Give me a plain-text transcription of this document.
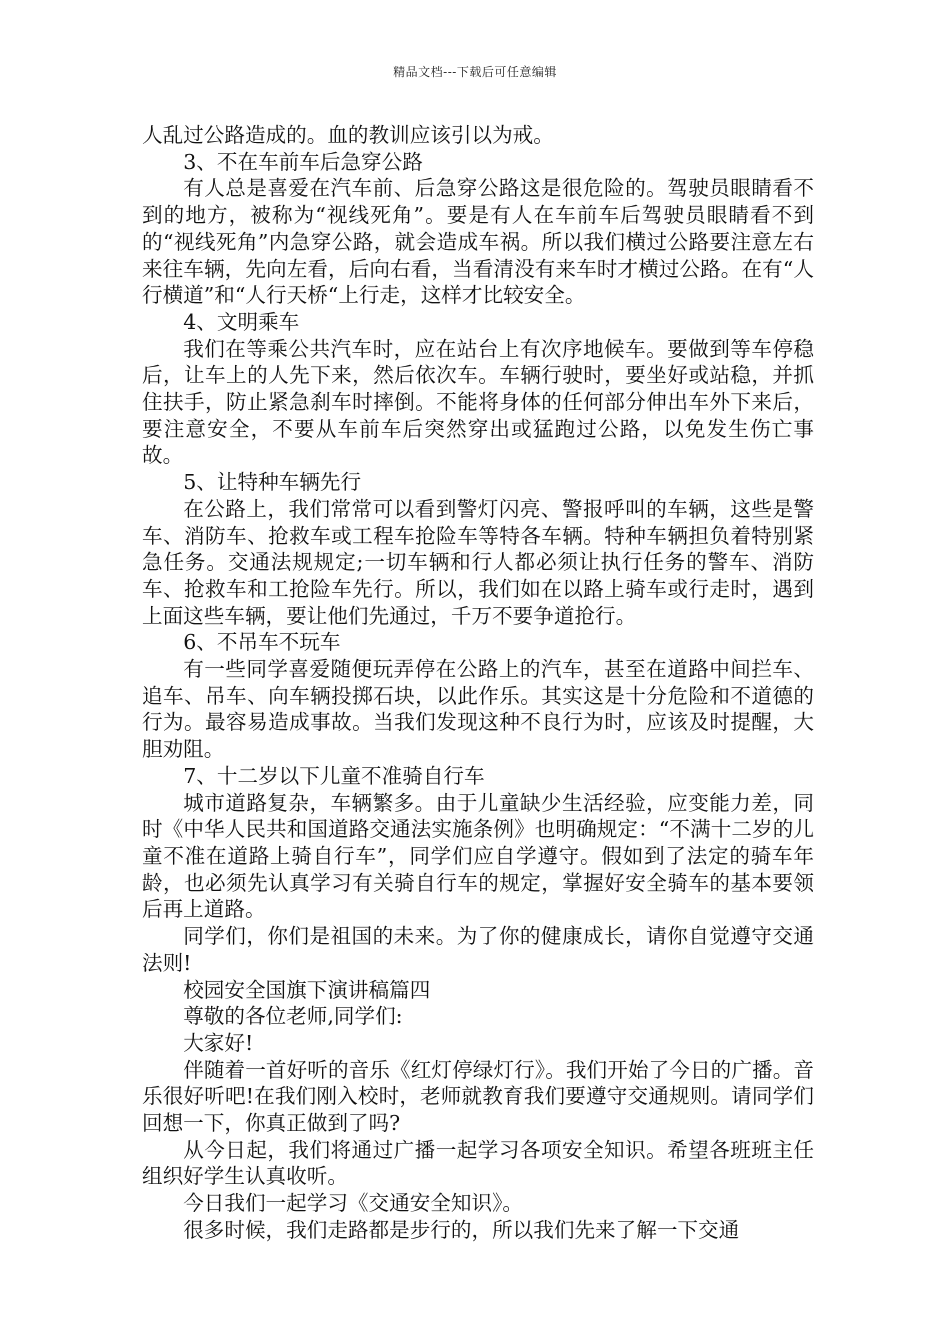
精品文档---下载后可任意编辑

人乱过公路造成的。血的教训应该引以为戒。

3、不在车前车后急穿公路

有人总是喜爱在汽车前、后急穿公路这是很危险的。驾驶员眼睛看不到的地方，被称为“视线死角”。要是有人在车前车后驾驶员眼睛看不到的“视线死角”内急穿公路，就会造成车祸。所以我们横过公路要注意左右来往车辆，先向左看，后向右看，当看清没有来车时才横过公路。在有“人行横道”和“人行天桥“上行走，这样才比较安全。

4、文明乘车

我们在等乘公共汽车时，应在站台上有次序地候车。要做到等车停稳后，让车上的人先下来，然后依次车。车辆行驶时，要坐好或站稳，并抓住扶手，防止紧急刹车时摔倒。不能将身体的任何部分伸出车外下来后，要注意安全，不要从车前车后突然穿出或猛跑过公路，以免发生伤亡事故。

5、让特种车辆先行

在公路上，我们常常可以看到警灯闪亮、警报呼叫的车辆，这些是警车、消防车、抢救车或工程车抢险车等特各车辆。特种车辆担负着特别紧急任务。交通法规规定;一切车辆和行人都必须让执行任务的警车、消防车、抢救车和工抢险车先行。所以，我们如在以路上骑车或行走时，遇到上面这些车辆，要让他们先通过，千万不要争道抢行。

6、不吊车不玩车

有一些同学喜爱随便玩弄停在公路上的汽车，甚至在道路中间拦车、追车、吊车、向车辆投掷石块，以此作乐。其实这是十分危险和不道德的行为。最容易造成事故。当我们发现这种不良行为时，应该及时提醒，大胆劝阻。

7、十二岁以下儿童不准骑自行车

城市道路复杂，车辆繁多。由于儿童缺少生活经验，应变能力差，同时《中华人民共和国道路交通法实施条例》也明确规定：“不满十二岁的儿童不准在道路上骑自行车”，同学们应自学遵守。假如到了法定的骑车年龄，也必须先认真学习有关骑自行车的规定，掌握好安全骑车的基本要领后再上道路。

同学们，你们是祖国的未来。为了你的健康成长，请你自觉遵守交通法则!

校园安全国旗下演讲稿篇四

尊敬的各位老师,同学们:

大家好!

伴随着一首好听的音乐《红灯停绿灯行》。我们开始了今日的广播。音乐很好听吧!在我们刚入校时，老师就教育我们要遵守交通规则。请同学们回想一下，你真正做到了吗?

从今日起，我们将通过广播一起学习各项安全知识。希望各班班主任组织好学生认真收听。

今日我们一起学习《交通安全知识》。

很多时候，我们走路都是步行的，所以我们先来了解一下交通
